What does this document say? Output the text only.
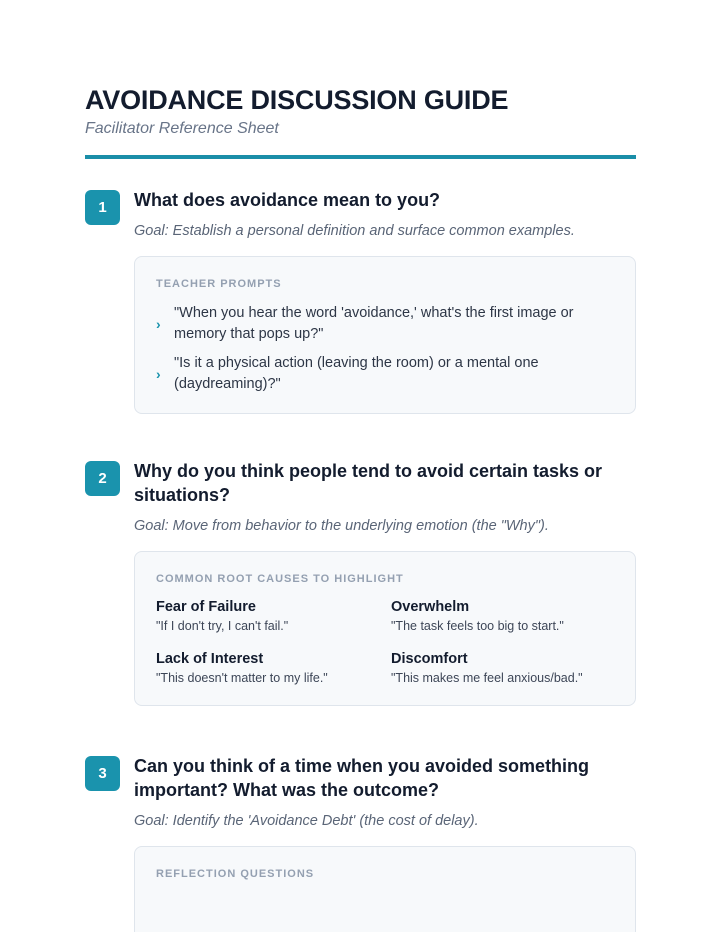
AVOIDANCE DISCUSSION GUIDE
Facilitator Reference Sheet
1	What does avoidance mean to you?
Goal: Establish a personal definition and surface common examples.
TEACHER PROMPTS
›
"When you hear the word 'avoidance,' what's the first image or memory that pops up?"
›
"Is it a physical action (leaving the room) or a mental one (daydreaming)?"
2	Why do you think people tend to avoid certain tasks or situations?
Goal: Move from behavior to the underlying emotion (the "Why").
COMMON ROOT CAUSES TO HIGHLIGHT
Fear of Failure
"If I don't try, I can't fail."
Overwhelm
"The task feels too big to start."
Lack of Interest
"This doesn't matter to my life."
Discomfort
"This makes me feel anxious/bad."
3	Can you think of a time when you avoided something important? What was the outcome?
Goal: Identify the 'Avoidance Debt' (the cost of delay).
REFLECTION QUESTIONS
